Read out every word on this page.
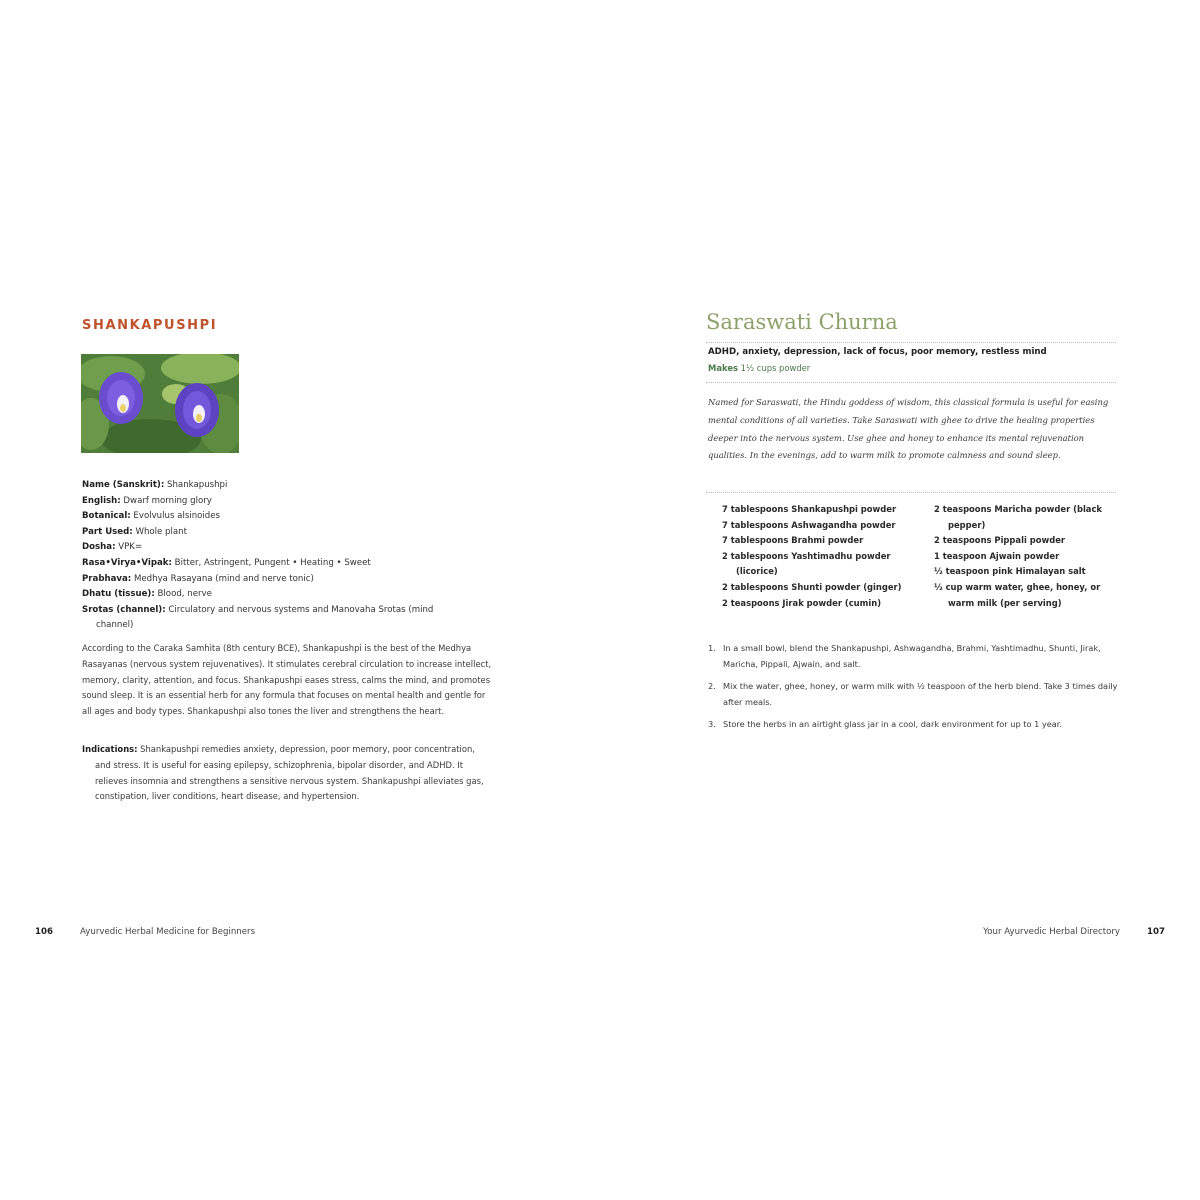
SHANKAPUSHPI
Name (Sanskrit): Shankapushpi
English: Dwarf morning glory
Botanical: Evolvulus alsinoides
Part Used: Whole plant
Dosha: VPK=
Rasa•Virya•Vipak: Bitter, Astringent, Pungent • Heating • Sweet
Prabhava: Medhya Rasayana (mind and nerve tonic)
Dhatu (tissue): Blood, nerve
Srotas (channel): Circulatory and nervous systems and Manovaha Srotas (mind channel)
According to the Caraka Samhita (8th century BCE), Shankapushpi is the best of the Medhya Rasayanas (nervous system rejuvenatives). It stimulates cerebral circulation to increase intellect, memory, clarity, attention, and focus. Shankapushpi eases stress, calms the mind, and promotes sound sleep. It is an essential herb for any formula that focuses on mental health and gentle for all ages and body types. Shankapushpi also tones the liver and strengthens the heart.
Indications: Shankapushpi remedies anxiety, depression, poor memory, poor concentration, and stress. It is useful for easing epilepsy, schizophrenia, bipolar disorder, and ADHD. It relieves insomnia and strengthens a sensitive nervous system. Shankapushpi alleviates gas, constipation, liver conditions, heart disease, and hypertension.
106	Ayurvedic Herbal Medicine for Beginners
Saraswati Churna
ADHD, anxiety, depression, lack of focus, poor memory, restless mind
Makes 1½ cups powder
Named for Saraswati, the Hindu goddess of wisdom, this classical formula is useful for easing mental conditions of all varieties. Take Saraswati with ghee to drive the healing properties deeper into the nervous system. Use ghee and honey to enhance its mental rejuvenation qualities. In the evenings, add to warm milk to promote calmness and sound sleep.
7 tablespoons Shankapushpi powder
7 tablespoons Ashwagandha powder
7 tablespoons Brahmi powder
2 tablespoons Yashtimadhu powder (licorice)
2 tablespoons Shunti powder (ginger)
2 teaspoons Jirak powder (cumin)
2 teaspoons Maricha powder (black pepper)
2 teaspoons Pippali powder
1 teaspoon Ajwain powder
½ teaspoon pink Himalayan salt
½ cup warm water, ghee, honey, or warm milk (per serving)
1. In a small bowl, blend the Shankapushpi, Ashwagandha, Brahmi, Yashtimadhu, Shunti, Jirak, Maricha, Pippali, Ajwain, and salt.
2. Mix the water, ghee, honey, or warm milk with ½ teaspoon of the herb blend. Take 3 times daily after meals.
3. Store the herbs in an airtight glass jar in a cool, dark environment for up to 1 year.
Your Ayurvedic Herbal Directory	107
